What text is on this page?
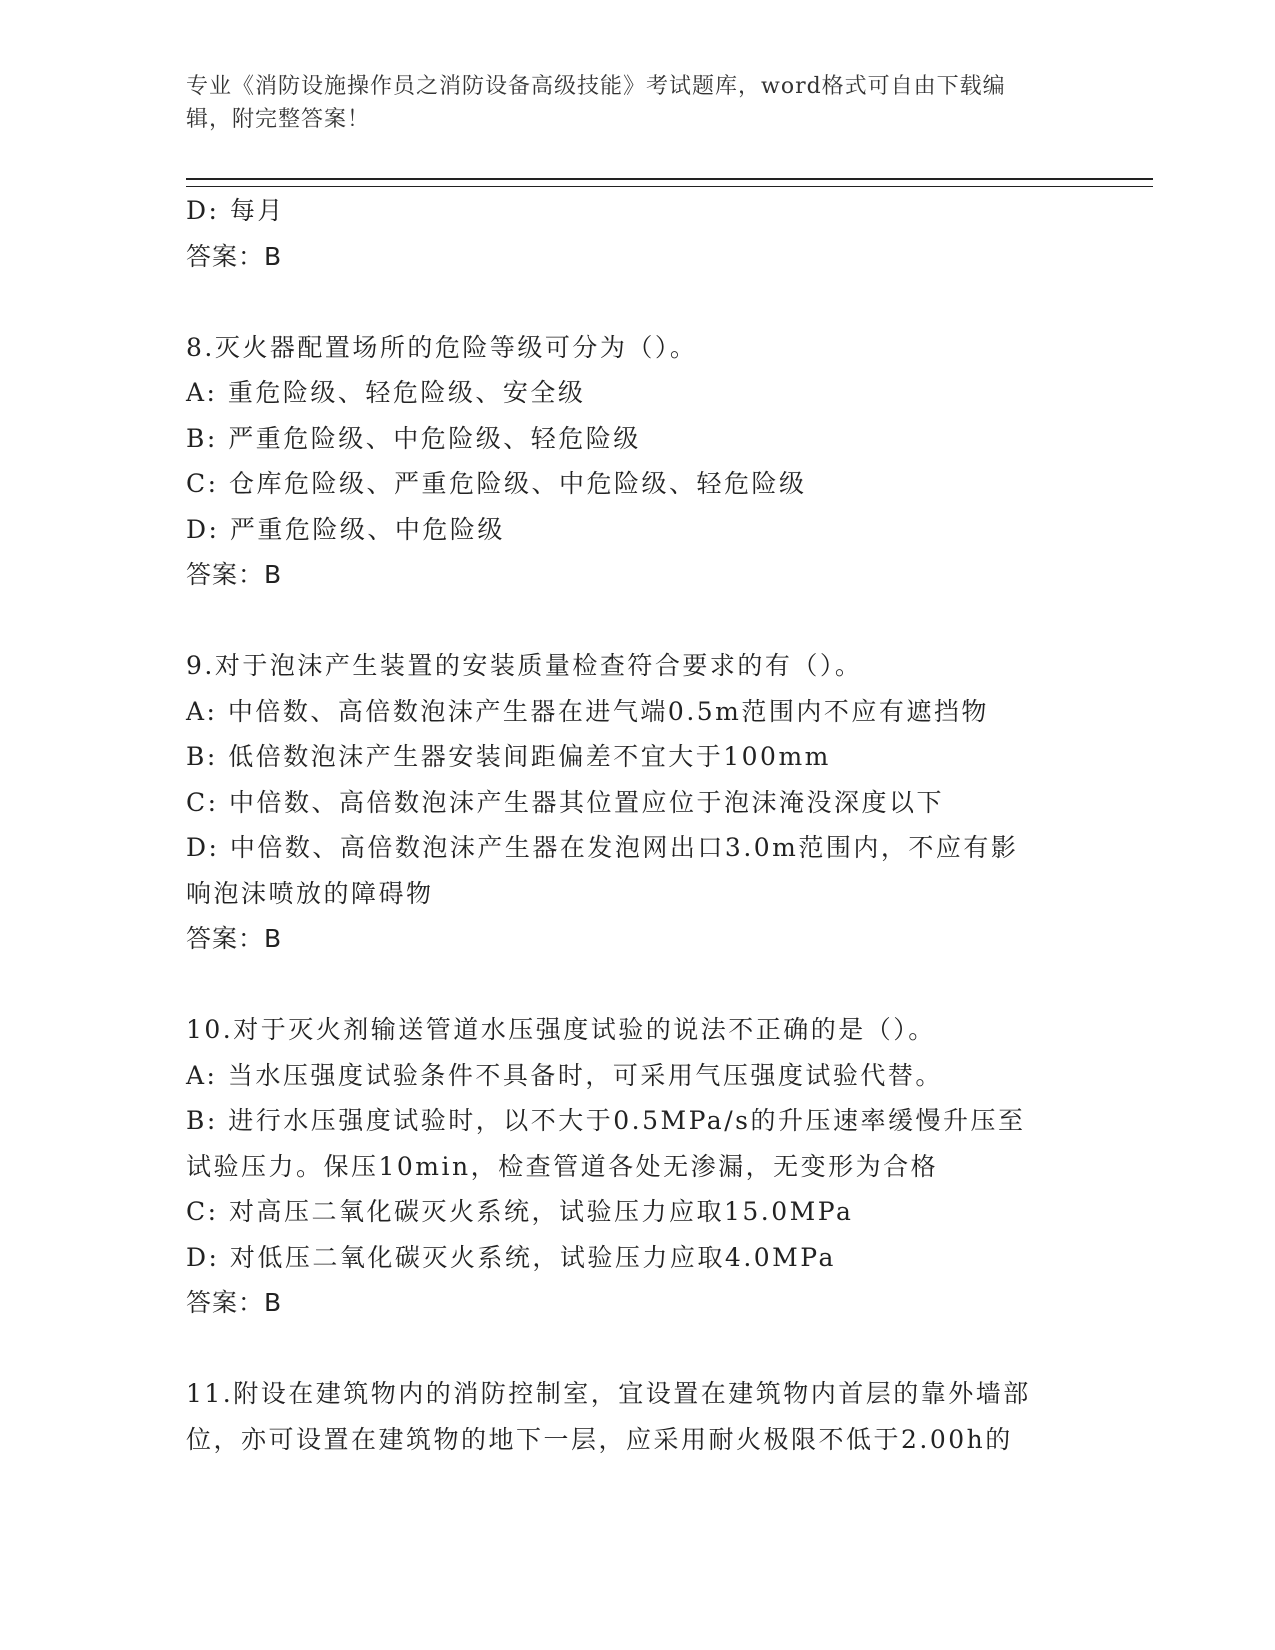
专业《消防设施操作员之消防设备高级技能》考试题库，word格式可自由下载编
辑，附完整答案！
D: 每月
答案：B
8.灭火器配置场所的危险等级可分为（）。
A: 重危险级、轻危险级、安全级
B: 严重危险级、中危险级、轻危险级
C: 仓库危险级、严重危险级、中危险级、轻危险级
D: 严重危险级、中危险级
答案：B
9.对于泡沫产生装置的安装质量检查符合要求的有（）。
A: 中倍数、高倍数泡沫产生器在进气端0.5m范围内不应有遮挡物
B: 低倍数泡沫产生器安装间距偏差不宜大于100mm
C: 中倍数、高倍数泡沫产生器其位置应位于泡沫淹没深度以下
D: 中倍数、高倍数泡沫产生器在发泡网出口3.0m范围内，不应有影
响泡沫喷放的障碍物
答案：B
10.对于灭火剂输送管道水压强度试验的说法不正确的是（）。
A: 当水压强度试验条件不具备时，可采用气压强度试验代替。
B: 进行水压强度试验时，以不大于0.5MPa/s的升压速率缓慢升压至
试验压力。保压10min，检查管道各处无渗漏，无变形为合格
C: 对高压二氧化碳灭火系统，试验压力应取15.0MPa
D: 对低压二氧化碳灭火系统，试验压力应取4.0MPa
答案：B
11.附设在建筑物内的消防控制室，宜设置在建筑物内首层的靠外墙部
位，亦可设置在建筑物的地下一层，应采用耐火极限不低于2.00h的
